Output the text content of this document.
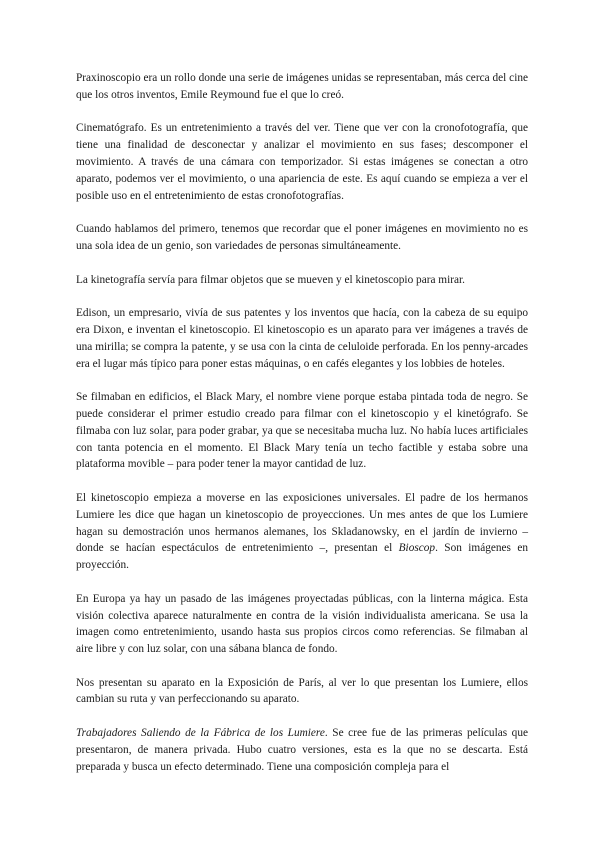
Praxinoscopio era un rollo donde una serie de imágenes unidas se representaban, más cerca del cine que los otros inventos, Emile Reymound fue el que lo creó.

Cinematógrafo. Es un entretenimiento a través del ver. Tiene que ver con la cronofotografía, que tiene una finalidad de desconectar y analizar el movimiento en sus fases; descomponer el movimiento. A través de una cámara con temporizador. Si estas imágenes se conectan a otro aparato, podemos ver el movimiento, o una apariencia de este. Es aquí cuando se empieza a ver el posible uso en el entretenimiento de estas cronofotografías.

Cuando hablamos del primero, tenemos que recordar que el poner imágenes en movimiento no es una sola idea de un genio, son variedades de personas simultáneamente.

La kinetografía servía para filmar objetos que se mueven y el kinetoscopio para mirar.

Edison, un empresario, vivía de sus patentes y los inventos que hacía, con la cabeza de su equipo era Dixon, e inventan el kinetoscopio. El kinetoscopio es un aparato para ver imágenes a través de una mirilla; se compra la patente, y se usa con la cinta de celuloide perforada. En los penny-arcades era el lugar más típico para poner estas máquinas, o en cafés elegantes y los lobbies de hoteles.

Se filmaban en edificios, el Black Mary, el nombre viene porque estaba pintada toda de negro. Se puede considerar el primer estudio creado para filmar con el kinetoscopio y el kinetógrafo. Se filmaba con luz solar, para poder grabar, ya que se necesitaba mucha luz. No había luces artificiales con tanta potencia en el momento. El Black Mary tenía un techo factible y estaba sobre una plataforma movible – para poder tener la mayor cantidad de luz.

El kinetoscopio empieza a moverse en las exposiciones universales. El padre de los hermanos Lumiere les dice que hagan un kinetoscopio de proyecciones. Un mes antes de que los Lumiere hagan su demostración unos hermanos alemanes, los Skladanowsky, en el jardín de invierno – donde se hacían espectáculos de entretenimiento –, presentan el Bioscop. Son imágenes en proyección.

En Europa ya hay un pasado de las imágenes proyectadas públicas, con la linterna mágica. Esta visión colectiva aparece naturalmente en contra de la visión individualista americana. Se usa la imagen como entretenimiento, usando hasta sus propios circos como referencias. Se filmaban al aire libre y con luz solar, con una sábana blanca de fondo.

Nos presentan su aparato en la Exposición de París, al ver lo que presentan los Lumiere, ellos cambian su ruta y van perfeccionando su aparato.

Trabajadores Saliendo de la Fábrica de los Lumiere. Se cree fue de las primeras películas que presentaron, de manera privada. Hubo cuatro versiones, esta es la que no se descarta. Está preparada y busca un efecto determinado. Tiene una composición compleja para el
